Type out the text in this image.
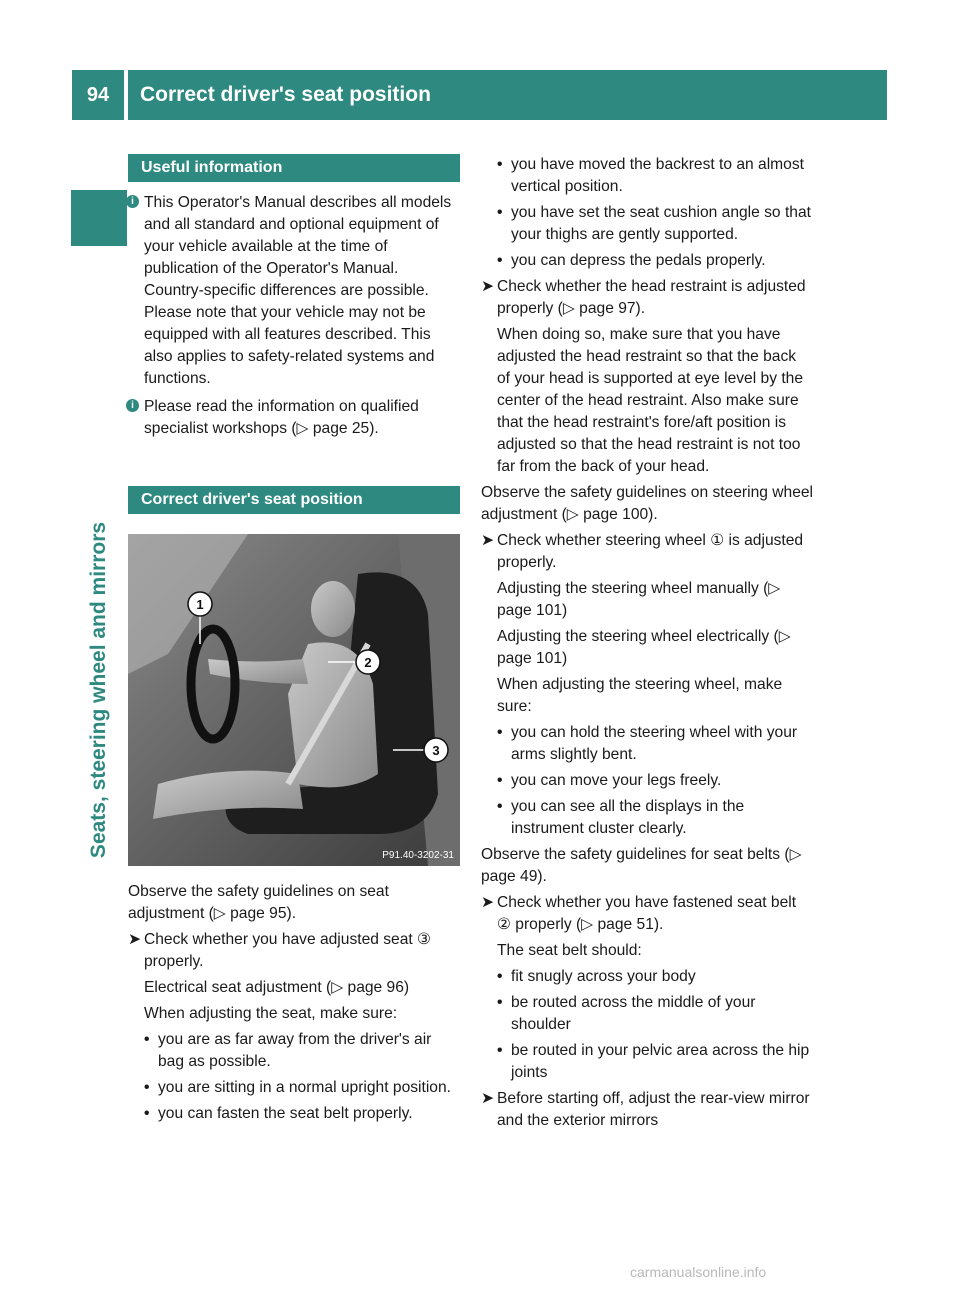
94	Correct driver's seat position
Seats, steering wheel and mirrors
Useful information
i This Operator's Manual describes all models and all standard and optional equipment of your vehicle available at the time of publication of the Operator's Manual. Country-specific differences are possible. Please note that your vehicle may not be equipped with all features described. This also applies to safety-related systems and functions.
i Please read the information on qualified specialist workshops (▷ page 25).
Correct driver's seat position
1
2
3
P91.40-3202-31

Observe the safety guidelines on seat adjustment (▷ page 95).

➤ Check whether you have adjusted seat ③ properly.
Electrical seat adjustment (▷ page 96)
When adjusting the seat, make sure:
• you are as far away from the driver's air bag as possible.
• you are sitting in a normal upright position.
• you can fasten the seat belt properly.
• you have moved the backrest to an almost vertical position.
• you have set the seat cushion angle so that your thighs are gently supported.
• you can depress the pedals properly.
➤ Check whether the head restraint is adjusted properly (▷ page 97).
When doing so, make sure that you have adjusted the head restraint so that the back of your head is supported at eye level by the center of the head restraint. Also make sure that the head restraint's fore/aft position is adjusted so that the head restraint is not too far from the back of your head.

Observe the safety guidelines on steering wheel adjustment (▷ page 100).

➤ Check whether steering wheel ① is adjusted properly.
Adjusting the steering wheel manually (▷ page 101)
Adjusting the steering wheel electrically (▷ page 101)
When adjusting the steering wheel, make sure:
• you can hold the steering wheel with your arms slightly bent.
• you can move your legs freely.
• you can see all the displays in the instrument cluster clearly.

Observe the safety guidelines for seat belts (▷ page 49).

➤ Check whether you have fastened seat belt ② properly (▷ page 51).
The seat belt should:
• fit snugly across your body
• be routed across the middle of your shoulder
• be routed in your pelvic area across the hip joints
➤ Before starting off, adjust the rear-view mirror and the exterior mirrors
carmanualsonline.info
